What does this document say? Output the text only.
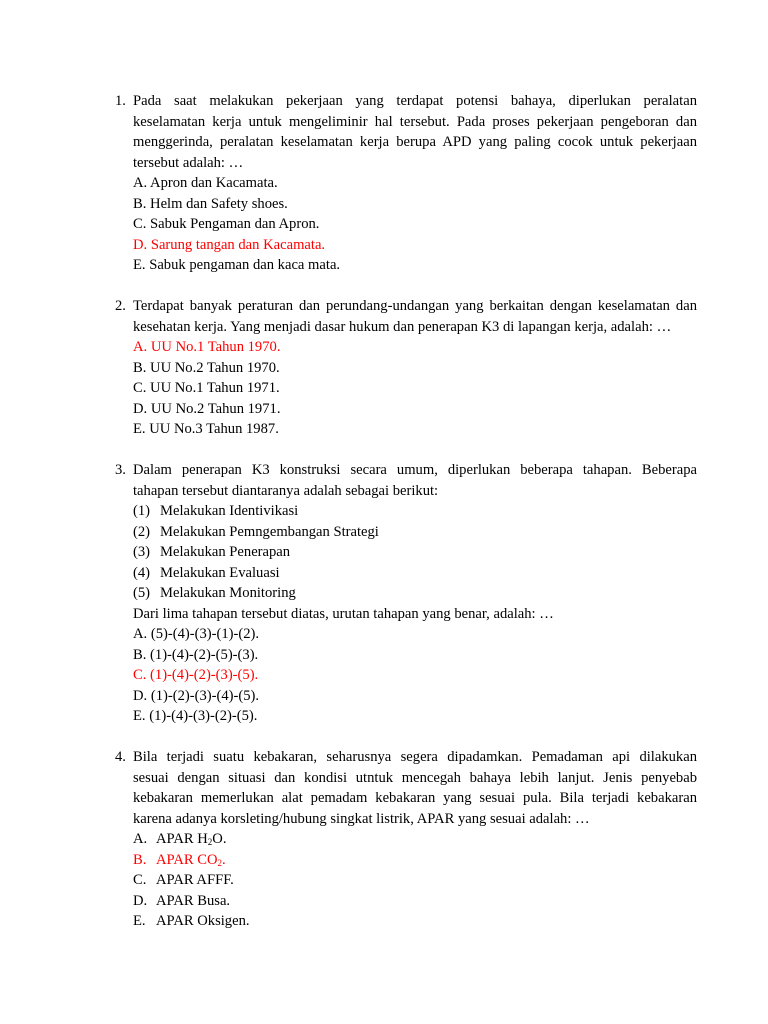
1. Pada saat melakukan pekerjaan yang terdapat potensi bahaya, diperlukan peralatan
keselamatan kerja untuk mengeliminir hal tersebut. Pada proses pekerjaan pengeboran dan
menggerinda, peralatan keselamatan kerja berupa APD yang paling cocok untuk pekerjaan
tersebut adalah: …
A. Apron dan Kacamata.
B. Helm dan Safety shoes.
C. Sabuk Pengaman dan Apron.
D. Sarung tangan dan Kacamata.
E. Sabuk pengaman dan kaca mata.
2. Terdapat banyak peraturan dan perundang-undangan yang berkaitan dengan keselamatan dan
kesehatan kerja. Yang menjadi dasar hukum dan penerapan K3 di lapangan kerja, adalah: …
A. UU No.1 Tahun 1970.
B. UU No.2 Tahun 1970.
C. UU No.1 Tahun 1971.
D. UU No.2 Tahun 1971.
E. UU No.3 Tahun 1987.
3. Dalam penerapan K3 konstruksi secara umum, diperlukan beberapa tahapan. Beberapa
tahapan tersebut diantaranya adalah sebagai berikut:
(1) Melakukan Identivikasi
(2) Melakukan Pemngembangan Strategi
(3) Melakukan Penerapan
(4) Melakukan Evaluasi
(5) Melakukan Monitoring
Dari lima tahapan tersebut diatas, urutan tahapan yang benar, adalah: …
A. (5)-(4)-(3)-(1)-(2).
B. (1)-(4)-(2)-(5)-(3).
C. (1)-(4)-(2)-(3)-(5).
D. (1)-(2)-(3)-(4)-(5).
E. (1)-(4)-(3)-(2)-(5).
4. Bila terjadi suatu kebakaran, seharusnya segera dipadamkan. Pemadaman api dilakukan
sesuai dengan situasi dan kondisi utntuk mencegah bahaya lebih lanjut. Jenis penyebab
kebakaran memerlukan alat pemadam kebakaran yang sesuai pula. Bila terjadi kebakaran
karena adanya korsleting/hubung singkat listrik, APAR yang sesuai adalah: …
A. APAR $H_2O$.
B. APAR $CO_2$.
C. APAR AFFF.
D. APAR Busa.
E. APAR Oksigen.
